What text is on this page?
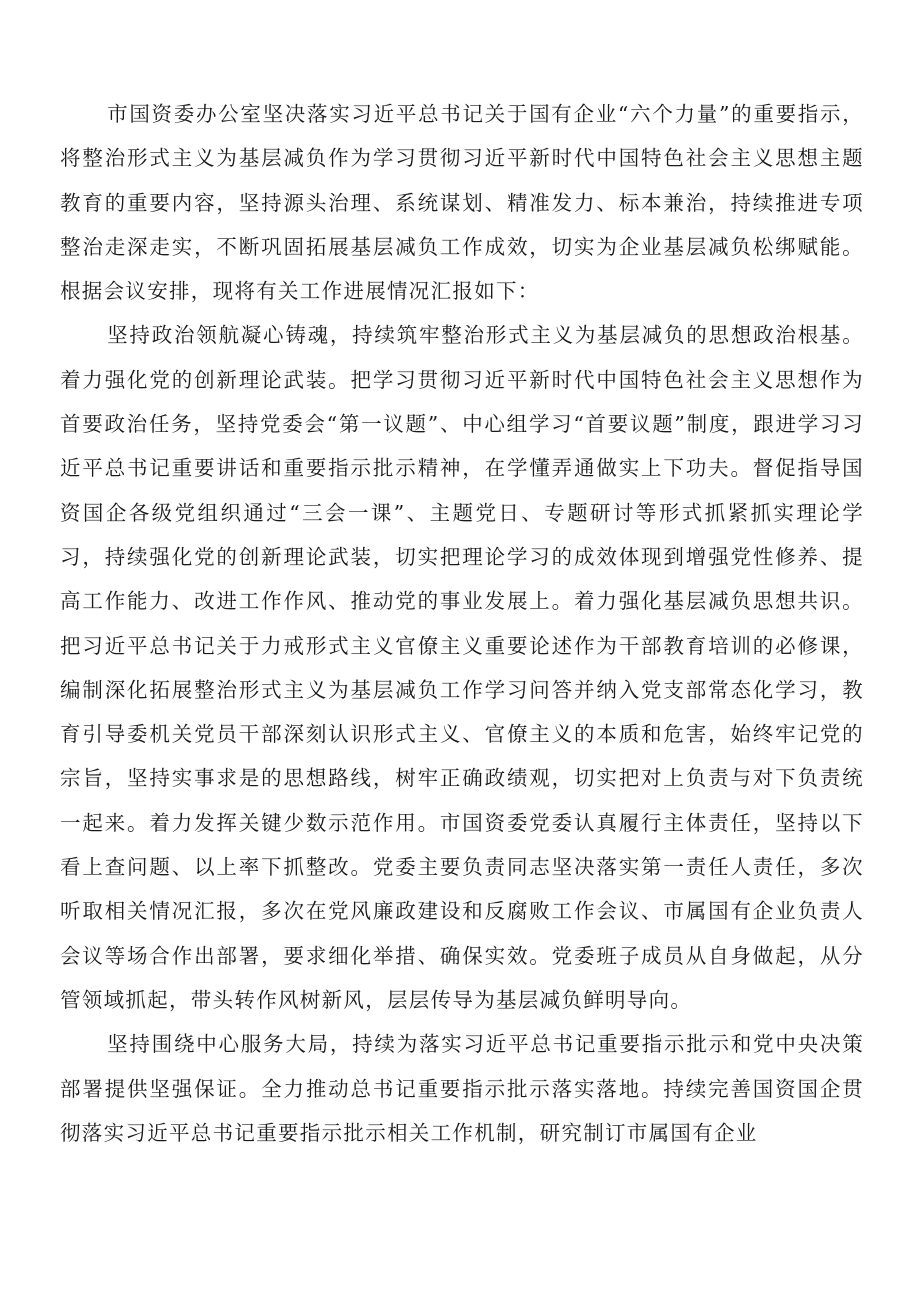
市国资委办公室坚决落实习近平总书记关于国有企业“六个力量”的重要指示，将整治形式主义为基层减负作为学习贯彻习近平新时代中国特色社会主义思想主题教育的重要内容，坚持源头治理、系统谋划、精准发力、标本兼治，持续推进专项整治走深走实，不断巩固拓展基层减负工作成效，切实为企业基层减负松绑赋能。根据会议安排，现将有关工作进展情况汇报如下：

坚持政治领航凝心铸魂，持续筑牢整治形式主义为基层减负的思想政治根基。着力强化党的创新理论武装。把学习贯彻习近平新时代中国特色社会主义思想作为首要政治任务，坚持党委会“第一议题”、中心组学习“首要议题”制度，跟进学习习近平总书记重要讲话和重要指示批示精神，在学懂弄通做实上下功夫。督促指导国资国企各级党组织通过“三会一课”、主题党日、专题研讨等形式抓紧抓实理论学习，持续强化党的创新理论武装，切实把理论学习的成效体现到增强党性修养、提高工作能力、改进工作作风、推动党的事业发展上。着力强化基层减负思想共识。把习近平总书记关于力戒形式主义官僚主义重要论述作为干部教育培训的必修课，编制深化拓展整治形式主义为基层减负工作学习问答并纳入党支部常态化学习，教育引导委机关党员干部深刻认识形式主义、官僚主义的本质和危害，始终牢记党的宗旨，坚持实事求是的思想路线，树牢正确政绩观，切实把对上负责与对下负责统一起来。着力发挥关键少数示范作用。市国资委党委认真履行主体责任，坚持以下看上查问题、以上率下抓整改。党委主要负责同志坚决落实第一责任人责任，多次听取相关情况汇报，多次在党风廉政建设和反腐败工作会议、市属国有企业负责人会议等场合作出部署，要求细化举措、确保实效。党委班子成员从自身做起，从分管领域抓起，带头转作风树新风，层层传导为基层减负鲜明导向。

坚持围绕中心服务大局，持续为落实习近平总书记重要指示批示和党中央决策部署提供坚强保证。全力推动总书记重要指示批示落实落地。持续完善国资国企贯彻落实习近平总书记重要指示批示相关工作机制，研究制订市属国有企业
